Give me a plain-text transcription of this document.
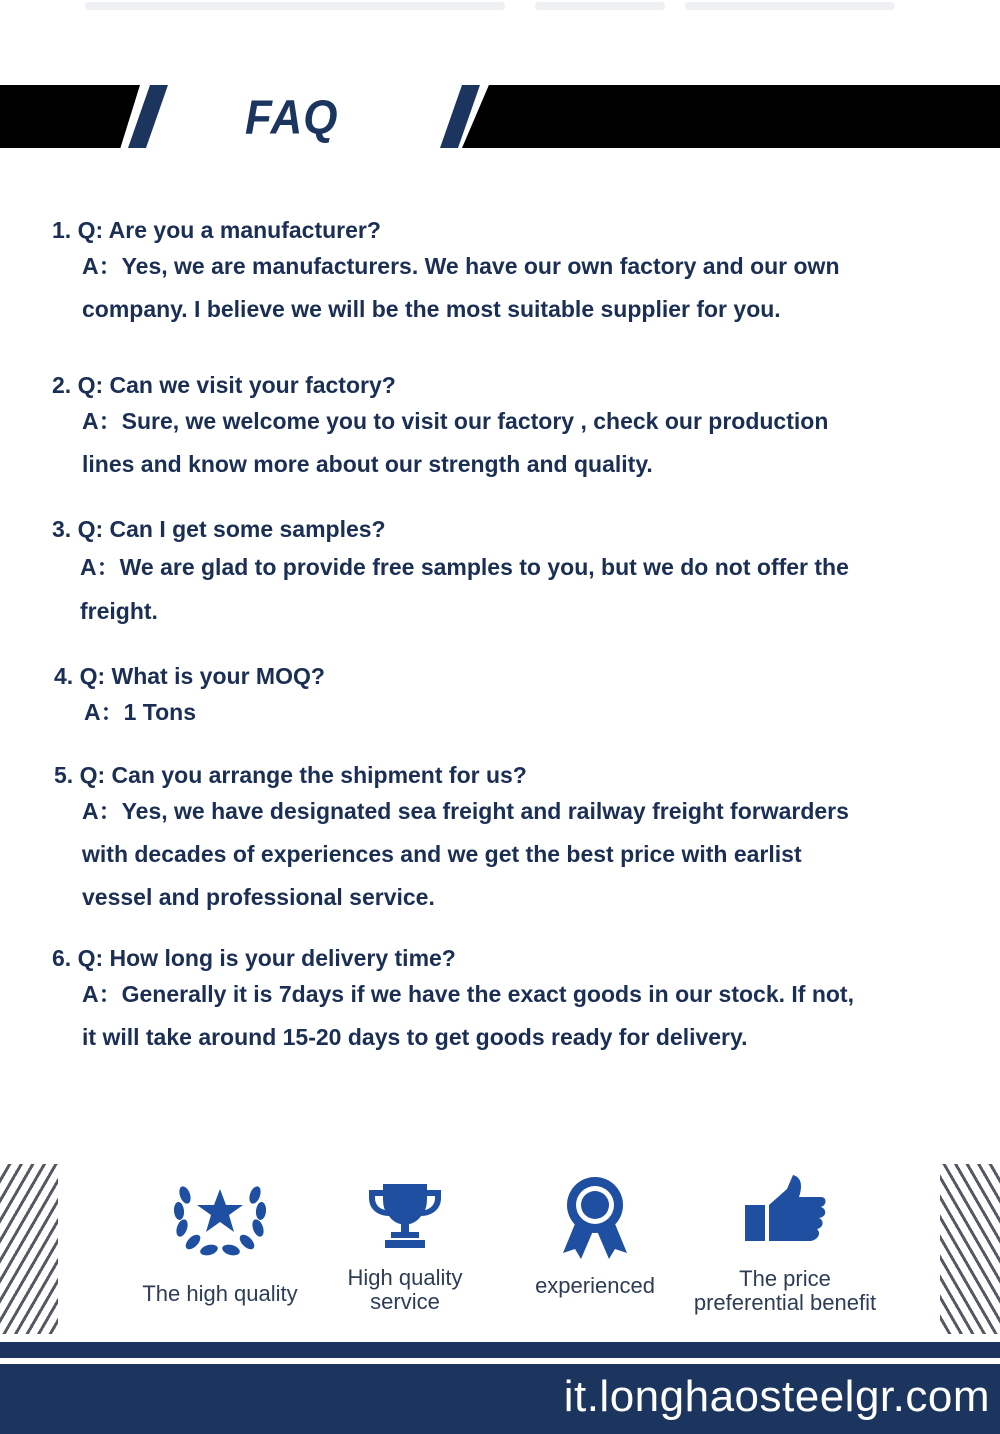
FAQ
1. Q: Are you a manufacturer?
A：Yes, we are manufacturers. We have our own factory and our own
company. I believe we will be the most suitable supplier for you.
2. Q: Can we visit your factory?
A：Sure, we welcome you to visit our factory , check our production
lines and know more about our strength and quality.
3. Q: Can I get some samples?
A：We are glad to provide free samples to you, but we do not offer the
freight.
4. Q: What is your MOQ?
A：1 Tons
5. Q: Can you arrange the shipment for us?
A：Yes, we have designated sea freight and railway freight forwarders
with decades of experiences and we get the best price with earlist
vessel and professional service.
6. Q: How long is your delivery time?
A：Generally it is 7days if we have the exact goods in our stock. If not,
it will take around 15-20 days to get goods ready for delivery.
The high quality
High quality
service
experienced	The price
preferential benefit
it.longhaosteelgr.com
